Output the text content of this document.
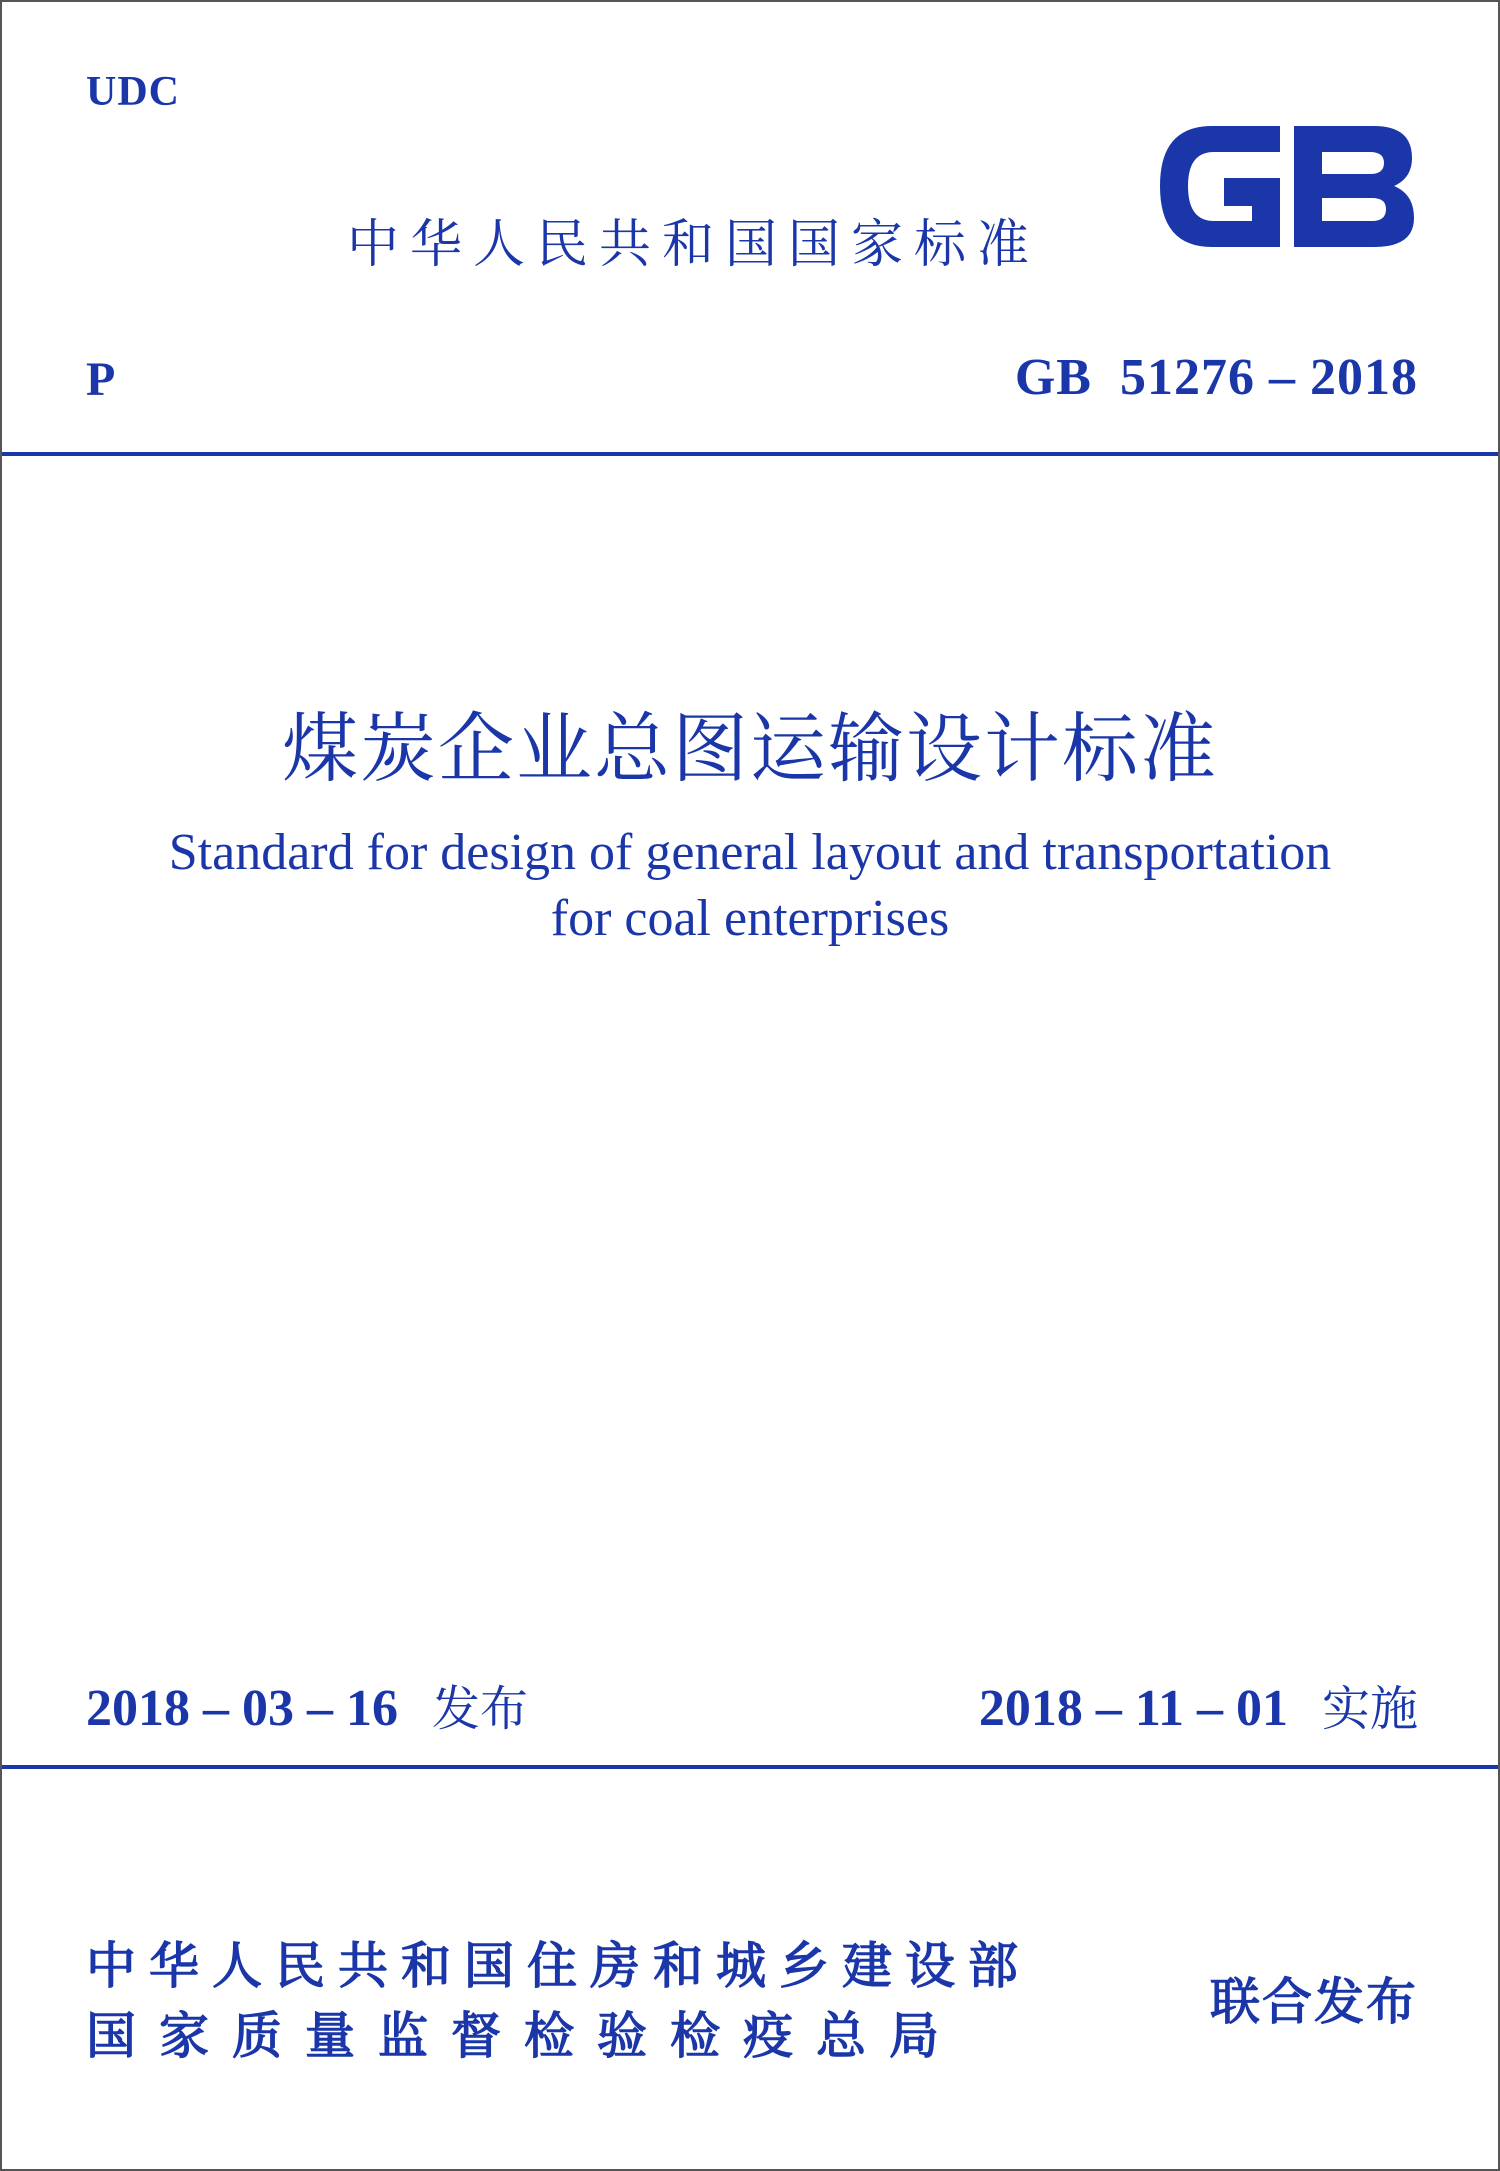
UDC
中华人民共和国国家标准
P	GB  51276 – 2018
煤炭企业总图运输设计标准
Standard for design of general layout and transportation
for coal enterprises
2018 – 03 – 16 发布	2018 – 11 – 01 实施
中华人民共和国住房和城乡建设部
国家质量监督检验检疫总局
联合发布
